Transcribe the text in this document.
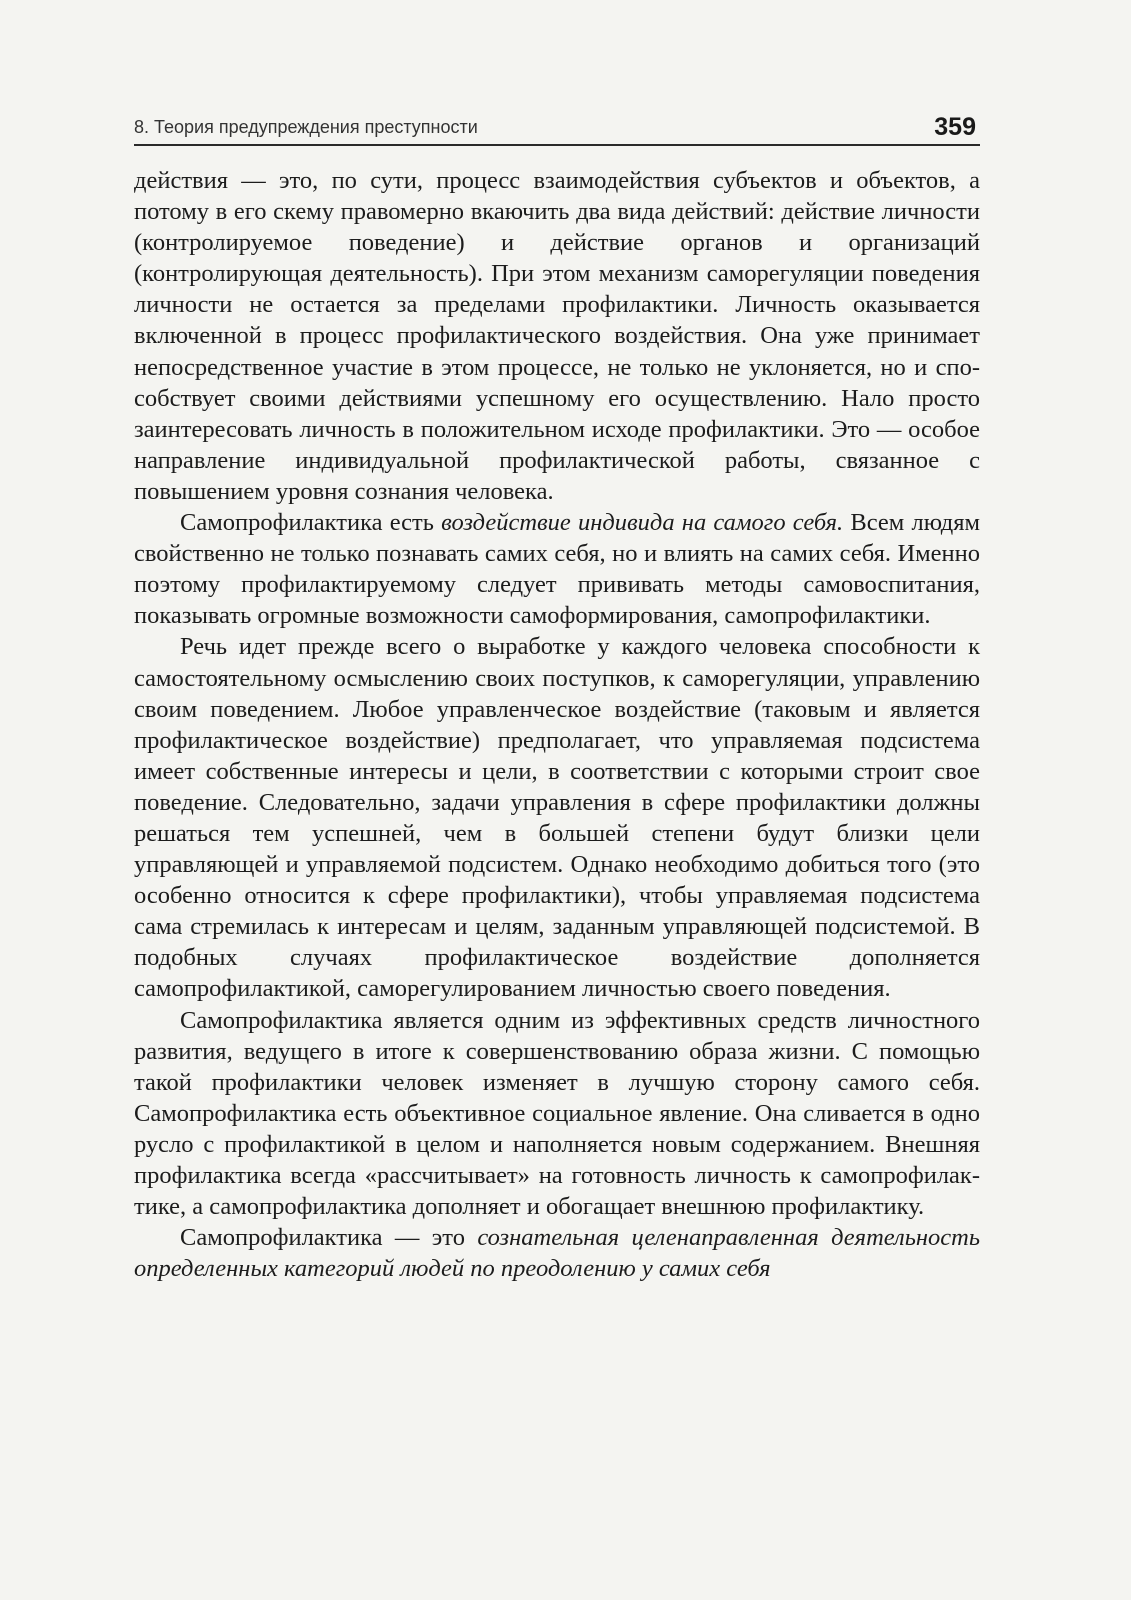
8. Теория предупреждения преступности	359

действия — это, по сути, процесс взаимодействия субъектов и объектов, а потому в его скему правомерно вкаючить два вида действий: действие личности (контролируемое поведение) и действие органов и организаций (контролирующая деятельность). При этом механизм саморегуляции поведения личности не остается за пределами профилактики. Личность оказывается включенной в процесс профилактического воздействия. Она уже принимает непосредственное участие в этом процессе, не только не уклоняется, но и способствует своими действиями успешному его осуществлению. Нало просто заинтересовать личность в положительном исходе профилактики. Это — особое направление индивидуальной профилактической работы, связанное с повышением уровня сознания человека.

Самопрофилактика есть воздействие индивида на самого себя. Всем людям свойственно не только познавать самих себя, но и влиять на самих себя. Именно поэтому профилактируемому следует прививать методы самовоспитания, показывать огромные возможности самоформирования, самопрофилактики.

Речь идет прежде всего о выработке у каждого человека способности к самостоятельному осмыслению своих поступков, к саморегуляции, управлению своим поведением. Любое управленческое воздействие (таковым и является профилактическое воздействие) предполагает, что управляемая подсистема имеет собственные интересы и цели, в соответствии с которыми строит свое поведение. Следовательно, задачи управления в сфере профилактики должны решаться тем успешней, чем в большей степени будут близки цели управляющей и управляемой подсистем. Однако необходимо добиться того (это особенно относится к сфере профилактики), чтобы управляемая подсистема сама стремилась к интересам и целям, заданным управляющей подсистемой. В подобных случаях профилактическое воздействие дополняется самопрофилактикой, саморегулированием личностью своего поведения.

Самопрофилактика является одним из эффективных средств личностного развития, ведущего в итоге к совершенствованию образа жизни. С помощью такой профилактики человек изменяет в лучшую сторону самого себя. Самопрофилактика есть объективное социальное явление. Она сливается в одно русло с профилактикой в целом и наполняется новым содержанием. Внешняя профилактика всегда «рассчитывает» на готовность личность к самопрофилактике, а самопрофилактика дополняет и обогащает внешнюю профилактику.

Самопрофилактика — это сознательная целенаправленная деятельность определенных категорий людей по преодолению у самих себя
